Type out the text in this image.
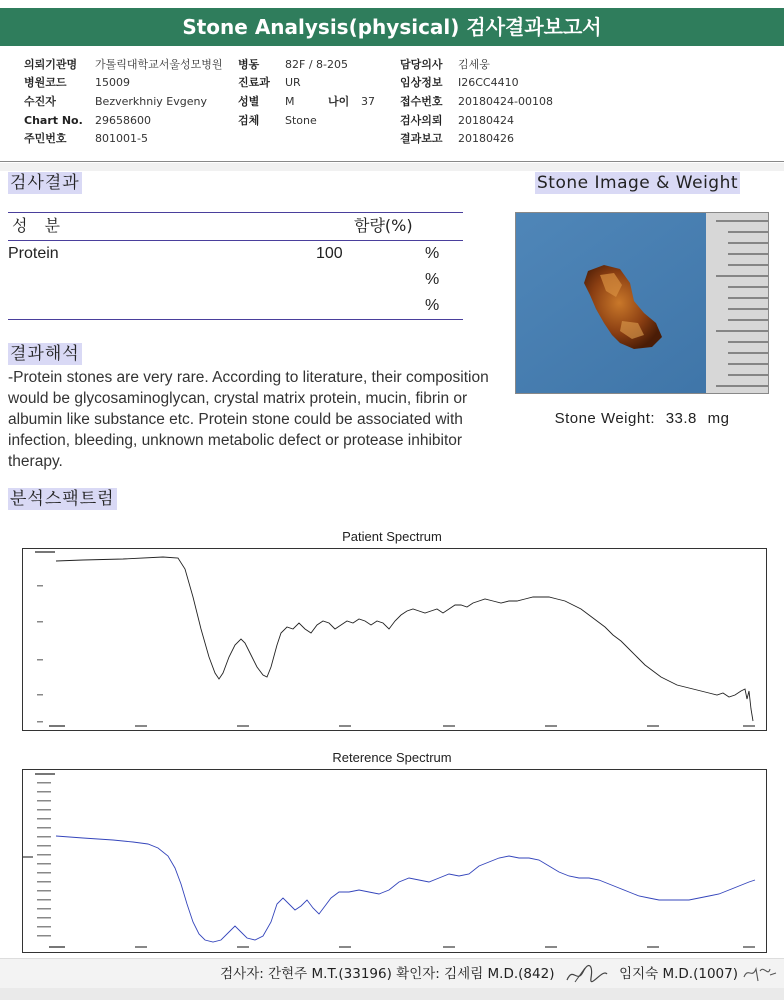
Stone Analysis(physical) 검사결과보고서
의뢰기관명 가톨릭대학교서울성모병원 병동 82F / 8-205	담당의사 김세웅
병원코드	15009	진료과 UR	임상정보 I26CC4410
수진자	Bezverkhniy Evgeny	성별 M	나이 37 접수번호 20180424-00108
Chart No. 29658600	검체 Stone	검사의뢰 20180424
주민번호	801001-5	결과보고 20180426
검사결과	Stone Image & Weight
성 분	함량(%)
Protein	100	%
%
%
Stone Weight: 33.8 mg
결과해석
-Protein stones are very rare. According to literature, their composition would be glycosaminoglycan, crystal matrix protein, mucin, fibrin or albumin like substance etc. Protein stone could be associated with infection, bleeding, unknown metabolic defect or protease inhibitor therapy.
분석스팩트럼
Patient Spectrum
Reterence Spectrum
검사자: 간현주 M.T.(33196) 확인자: 김세림 M.D.(842)	임지숙 M.D.(1007)
